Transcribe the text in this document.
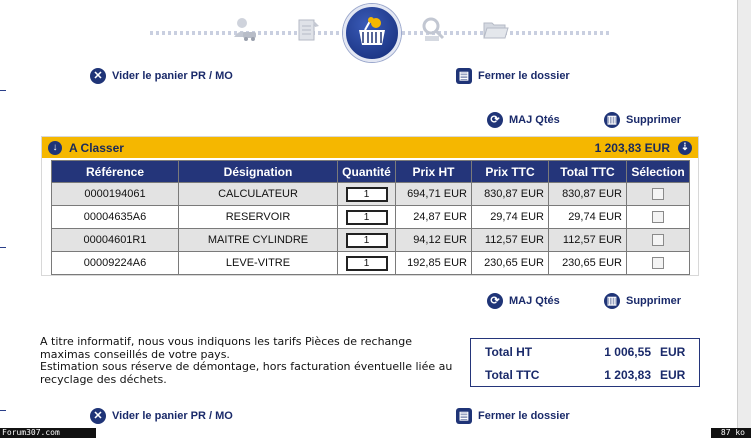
✕ Vider le panier PR / MO	▤ Fermer le dossier
⟳ MAJ Qtés	▥ Supprimer
↓ A Classer	1 203,83 EUR ⇣
Référence	Désignation	Quantité	Prix HT	Prix TTC	Total TTC	Sélection
0000194061	CALCULATEUR	1	694,71 EUR	830,87 EUR	830,87 EUR	
00004635A6	RESERVOIR	1	24,87 EUR	29,74 EUR	29,74 EUR	
00004601R1	MAITRE CYLINDRE	1	94,12 EUR	112,57 EUR	112,57 EUR	
00009224A6	LEVE-VITRE	1	192,85 EUR	230,65 EUR	230,65 EUR	
⟳ MAJ Qtés	▥ Supprimer
A titre informatif, nous vous indiquons les tarifs Pièces de rechange
maximas conseillés de votre pays.
Estimation sous réserve de démontage, hors facturation éventuelle liée au
recyclage des déchets.
Total HT	1 006,55 EUR
Total TTC	1 203,83 EUR
✕ Vider le panier PR / MO	▤ Fermer le dossier
Forum307.com	87 ko
